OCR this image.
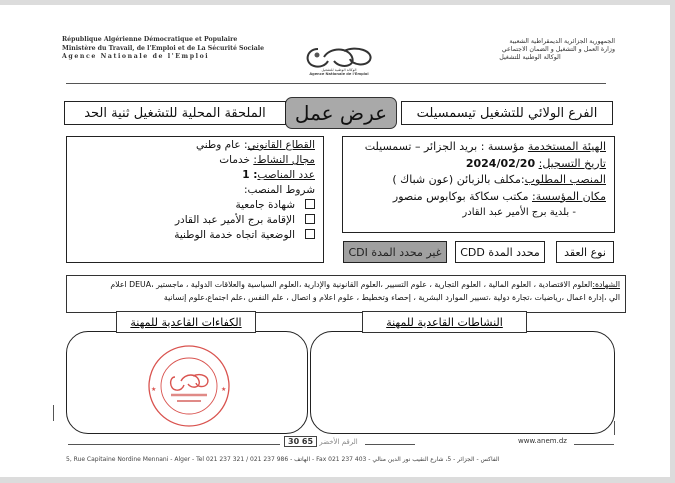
République Algérienne Démocratique et Populaire
Ministère du Travail, de l'Emploi et de La Sécurité Sociale
Agence Nationale de l'Emploi
الوكالة الوطنية للتشغيل
Agence Nationale de l'Emploi
الجمهورية الجزائرية الديمقراطية الشعبية
وزارة العمل و التشغيل و الضمان الاجتماعي
الوكالة الوطنية للتشغيل
الفرع الولائي للتشغيل تيسمسيلت
عرض عمل
الملحقة المحلية للتشغيل ثنية الحد
الهيئة المستخدمة مؤسسة : بريد الجزائر – تسمسيلت
تاريخ التسجيل: 2024/02/20
المنصب المطلوب:مكلف بالزبائن (عون شباك )
مكان المؤسسة: مكتب سكاكة بوكابوس منصور
- بلدية برج الأمير عبد القادر
القطاع القانوني: عام وطني
مجال النشاط: خدمات
عدد المناصب: 1
شروط المنصب:
شهادة جامعية
الإقامة برج الأمير عبد القادر
الوضعية اتجاه خدمة الوطنية
نوع العقد
محدد المدة CDD
غير محدد المدة CDI
الشهادة:العلوم الاقتصادية ، العلوم المالية ، العلوم التجارية ، علوم التسيير ،العلوم القانونية والإدارية ،العلوم السياسية والعلاقات الدولية ، ماجستير ،DEUA اعلام
الي ،إدارة اعمال ،رياضيات ،تجارة دولية ،تسيير الموارد البشرية ، إحصاء وتخطيط ، علوم اعلام و اتصال ، علم النفس ،علم اجتماع،علوم إنسانية
الكفاءات القاعدية للمهنة	النشاطات القاعدية للمهنة
★	★
30 65 الرقم الأخضر	www.anem.dz
5, Rue Capitaine Nordine Mennani - Alger - Tel 021 237 321 / 021 237 986 - الهاتف - Fax 021 237 403 - الفاكس - الجزائر - 5، شارع النقيب نور الدين منالي
